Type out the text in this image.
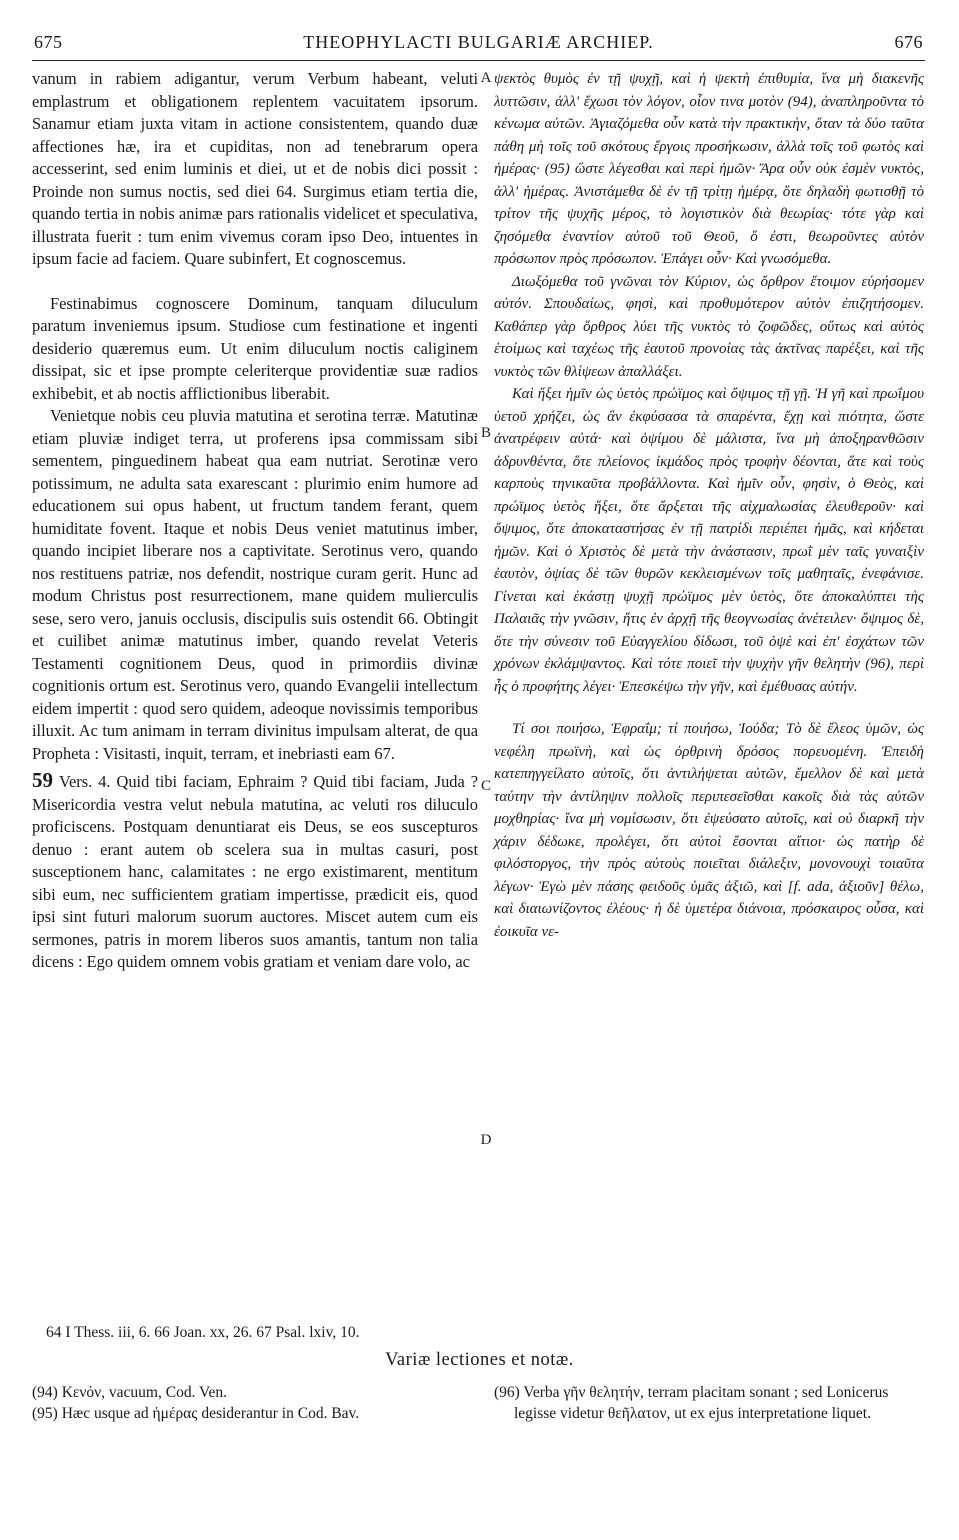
675	THEOPHYLACTI BULGARIÆ ARCHIEP.	676
A
B
C
D

vanum in rabiem adigantur, verum Verbum habeant, veluti emplastrum et obligationem replentem vacuitatem ipsorum. Sanamur etiam juxta vitam in actione consistentem, quando duæ affectiones hæ, ira et cupiditas, non ad tenebrarum opera accesserint, sed enim luminis et diei, ut et de nobis dici possit : Proinde non sumus noctis, sed diei 64. Surgimus etiam tertia die, quando tertia in nobis animæ pars rationalis videlicet et speculativa, illustrata fuerit : tum enim vivemus coram ipso Deo, intuentes in ipsum facie ad faciem. Quare subinfert, Et cognoscemus.

Festinabimus cognoscere Dominum, tanquam diluculum paratum inveniemus ipsum. Studiose cum festinatione et ingenti desiderio quæremus eum. Ut enim diluculum noctis caliginem dissipat, sic et ipse prompte celeriterque providentiæ suæ radios exhibebit, et ab noctis afflictionibus liberabit.

Venietque nobis ceu pluvia matutina et serotina terræ. Matutinæ etiam pluviæ indiget terra, ut proferens ipsa commissam sibi sementem, pinguedinem habeat qua eam nutriat. Serotinæ vero potissimum, ne adulta sata exarescant : plurimio enim humore ad educationem sui opus habent, ut fructum tandem ferant, quem humiditate fovent. Itaque et nobis Deus veniet matutinus imber, quando incipiet liberare nos a captivitate. Serotinus vero, quando nos restituens patriæ, nos defendit, nostrique curam gerit. Hunc ad modum Christus post resurrectionem, mane quidem mulierculis sese, sero vero, januis occlusis, discipulis suis ostendit 66. Obtingit et cuilibet animæ matutinus imber, quando revelat Veteris Testamenti cognitionem Deus, quod in primordiis divinæ cognitionis ortum est. Serotinus vero, quando Evangelii intellectum eidem impertit : quod sero quidem, adeoque novissimis temporibus illuxit. Ac tum animam in terram divinitus impulsam alterat, de qua Propheta : Visitasti, inquit, terram, et inebriasti eam 67.

59 Vers. 4. Quid tibi faciam, Ephraim ? Quid tibi faciam, Juda ? Misericordia vestra velut nebula matutina, ac veluti ros diluculo proficiscens. Postquam denuntiarat eis Deus, se eos suscepturos denuo : erant autem ob scelera sua in multas casuri, post susceptionem hanc, calamitates : ne ergo existimarent, mentitum sibi eum, nec sufficientem gratiam impertisse, prædicit eis, quod ipsi sint futuri malorum suorum auctores. Miscet autem cum eis sermones, patris in morem liberos suos amantis, tantum non talia dicens : Ego quidem omnem vobis gratiam et veniam dare volo, ac

ψεκτὸς θυμὸς ἐν τῇ ψυχῇ, καὶ ἡ ψεκτὴ ἐπιθυμία, ἵνα μὴ διακενῆς λυττῶσιν, ἀλλ' ἔχωσι τὸν λόγον, οἷον τινα μοτὸν (94), ἀναπληροῦντα τὸ κένωμα αὐτῶν. Ἁγιαζόμεθα οὖν κατὰ τὴν πρακτικὴν, ὅταν τὰ δύο ταῦτα πάθη μὴ τοῖς τοῦ σκότους ἔργοις προσήκωσιν, ἀλλὰ τοῖς τοῦ φωτὸς καὶ ἡμέρας· (95) ὥστε λέγεσθαι καὶ περὶ ἡμῶν· Ἄρα οὖν οὐκ ἐσμὲν νυκτὸς, ἀλλ' ἡμέρας. Ἀνιστάμεθα δὲ ἐν τῇ τρίτῃ ἡμέρᾳ, ὅτε δηλαδὴ φωτισθῇ τὸ τρίτον τῆς ψυχῆς μέρος, τὸ λογιστικὸν διὰ θεωρίας· τότε γὰρ καὶ ζησόμεθα ἐναντίον αὐτοῦ τοῦ Θεοῦ, ὅ ἐστι, θεωροῦντες αὐτὸν πρόσωπον πρὸς πρόσωπον. Ἐπάγει οὖν· Καὶ γνωσόμεθα.

Διωξόμεθα τοῦ γνῶναι τὸν Κύριον, ὡς ὄρθρον ἕτοιμον εὑρήσομεν αὐτόν. Σπουδαίως, φησὶ, καὶ προθυμότερον αὐτὸν ἐπιζητήσομεν. Καθάπερ γὰρ ὄρθρος λύει τῆς νυκτὸς τὸ ζοφῶδες, οὕτως καὶ αὐτὸς ἑτοίμως καὶ ταχέως τῆς ἑαυτοῦ προνοίας τὰς ἀκτῖνας παρέξει, καὶ τῆς νυκτὸς τῶν θλίψεων ἀπαλλάξει.

Καὶ ἥξει ἡμῖν ὡς ὑετὸς πρώϊμος καὶ ὄψιμος τῇ γῇ. Ἡ γῆ καὶ πρωΐμου ὑετοῦ χρήζει, ὡς ἂν ἐκφύσασα τὰ σπαρέντα, ἔχῃ καὶ πιότητα, ὥστε ἀνατρέφειν αὐτά· καὶ ὀψίμου δὲ μάλιστα, ἵνα μὴ ἀποξηρανθῶσιν ἁδρυνθέντα, ὅτε πλείονος ἰκμάδος πρὸς τροφὴν δέονται, ἅτε καὶ τοὺς καρποὺς τηνικαῦτα προβάλλοντα. Καὶ ἡμῖν οὖν, φησὶν, ὁ Θεὸς, καὶ πρώϊμος ὑετὸς ἥξει, ὅτε ἄρξεται τῆς αἰχμαλωσίας ἐλευθεροῦν· καὶ ὄψιμος, ὅτε ἀποκαταστήσας ἐν τῇ πατρίδι περιέπει ἡμᾶς, καὶ κήδεται ἡμῶν. Καὶ ὁ Χριστὸς δὲ μετὰ τὴν ἀνάστασιν, πρωῒ μὲν ταῖς γυναιξὶν ἑαυτὸν, ὀψίας δὲ τῶν θυρῶν κεκλεισμένων τοῖς μαθηταῖς, ἐνεφάνισε. Γίνεται καὶ ἑκάστῃ ψυχῇ πρώϊμος μὲν ὑετὸς, ὅτε ἀποκαλύπτει τὴς Παλαιᾶς τὴν γνῶσιν, ἥτις ἐν ἀρχῇ τῆς θεογνωσίας ἀνέτειλεν· ὄψιμος δὲ, ὅτε τὴν σύνεσιν τοῦ Εὐαγγελίου δίδωσι, τοῦ ὀψὲ καὶ ἐπ' ἐσχάτων τῶν χρόνων ἐκλάμψαντος. Καὶ τότε ποιεῖ τὴν ψυχὴν γῆν θελητὴν (96), περὶ ἧς ὁ προφήτης λέγει· Ἐπεσκέψω τὴν γῆν, καὶ ἐμέθυσας αὐτήν.

Τί σοι ποιήσω, Ἐφραΐμ; τί ποιήσω, Ἰούδα; Τὸ δὲ ἔλεος ὑμῶν, ὡς νεφέλη πρωϊνὴ, καὶ ὡς ὀρθρινὴ δρόσος πορευομένη. Ἐπειδὴ κατεπηγγείλατο αὐτοῖς, ὅτι ἀντιλήψεται αὐτῶν, ἔμελλον δὲ καὶ μετὰ ταύτην τὴν ἀντίληψιν πολλοῖς περιπεσεῖσθαι κακοῖς διὰ τὰς αὐτῶν μοχθηρίας· ἵνα μὴ νομίσωσιν, ὅτι ἐψεύσατο αὐτοῖς, καὶ οὐ διαρκῆ τὴν χάριν δέδωκε, προλέγει, ὅτι αὐτοὶ ἔσονται αἴτιοι· ὡς πατὴρ δὲ φιλόστοργος, τὴν πρὸς αὐτοὺς ποιεῖται διάλεξιν, μονονουχὶ τοιαῦτα λέγων· Ἐγὼ μὲν πάσης φειδοῦς ὑμᾶς ἀξιῶ, καὶ [f. ada, ἀξιοῦν] θέλω, καὶ διαιωνίζοντος ἐλέους· ἡ δὲ ὑμετέρα διάνοια, πρόσκαιρος οὖσα, καὶ ἐοικυῖα νε-

64 I Thess. iii, 6. 66 Joan. xx, 26. 67 Psal. lxiv, 10.
Variæ lectiones et notæ.

(94) Κενόν, vacuum, Cod. Ven.

(95) Hæc usque ad ἡμέρας desiderantur in Cod. Bav.

(96) Verba γῆν θελητήν, terram placitam sonant ; sed Lonicerus legisse videtur θεῆλατον, ut ex ejus interpretatione liquet.
